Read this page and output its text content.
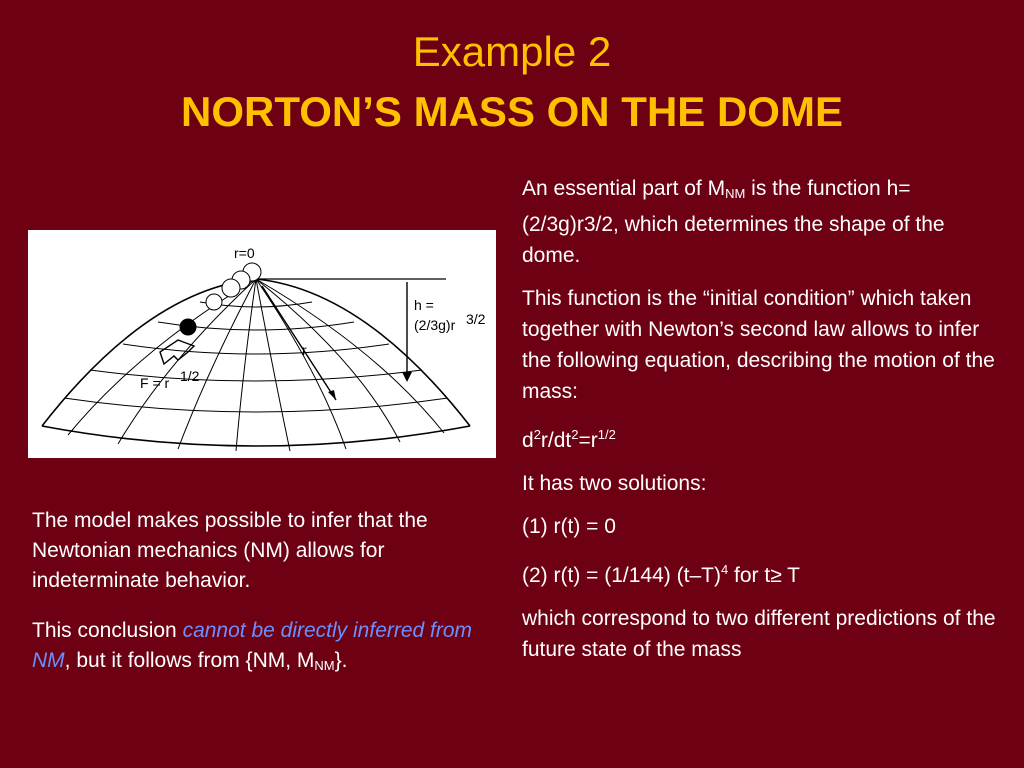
Example 2
NORTON’S MASS ON THE DOME
r=0
h =
(2/3g)r 3/2
r
F = r 1/2

An essential part of $M_{NM}$ is the function h=(2/3g)r3/2, which determines the shape of the dome.

This function is the “initial condition” which taken together with Newton’s second law allows to infer the following equation, describing the motion of the mass:

$d^2r/dt^2=r^{1/2}$

It has two solutions:

(1) r(t) = 0

(2) r(t) = (1/144) $(t-T)^4$ for t≥ T

which correspond to two different predictions of the future state of the mass

The model makes possible to infer that the Newtonian mechanics (NM) allows for indeterminate behavior.

This conclusion cannot be directly inferred from NM, but it follows from {NM, $M_{NM}$}.
